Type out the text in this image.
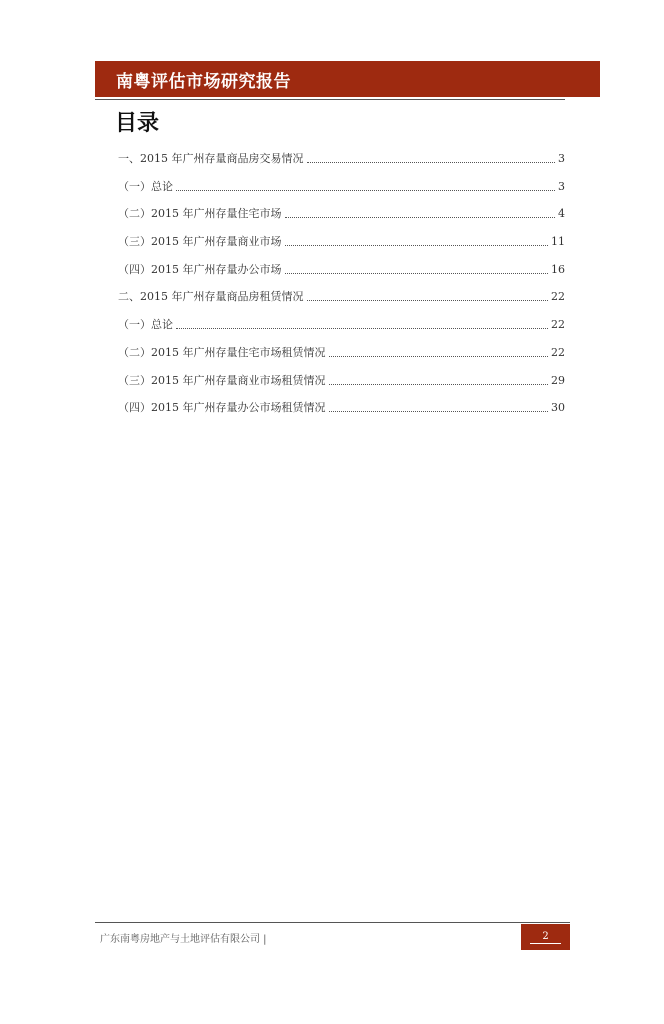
南粤评估市场研究报告
目录
一、2015 年广州存量商品房交易情况	3
（一）总论	3
（二）2015 年广州存量住宅市场	4
（三）2015 年广州存量商业市场	11
（四）2015 年广州存量办公市场	16
二、2015 年广州存量商品房租赁情况	22
（一）总论	22
（二）2015 年广州存量住宅市场租赁情况	22
（三）2015 年广州存量商业市场租赁情况	29
（四）2015 年广州存量办公市场租赁情况	30
广东南粤房地产与土地评估有限公司 |	2
